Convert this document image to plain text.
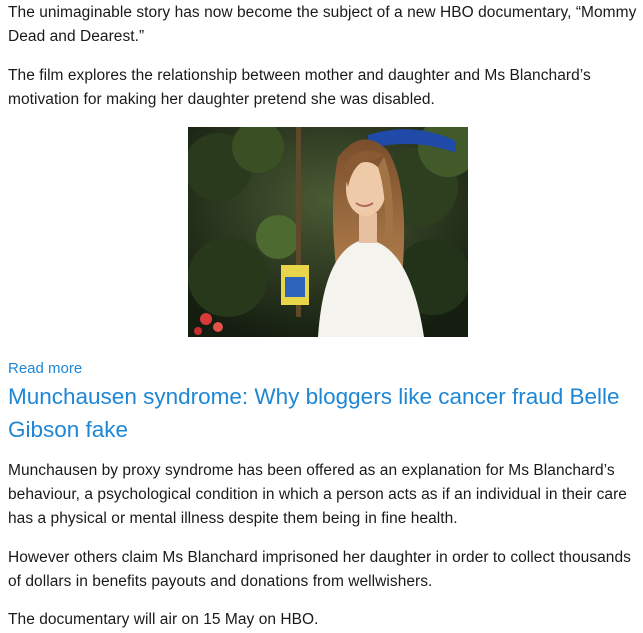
The unimaginable story has now become the subject of a new HBO documentary, “Mommy Dead and Dearest.”

The film explores the relationship between mother and daughter and Ms Blanchard’s motivation for making her daughter pretend she was disabled.

Read more
Munchausen syndrome: Why bloggers like cancer fraud Belle Gibson fake

Munchausen by proxy syndrome has been offered as an explanation for Ms Blanchard’s behaviour, a psychological condition in which a person acts as if an individual in their care has a physical or mental illness despite them being in fine health.

However others claim Ms Blanchard imprisoned her daughter in order to collect thousands of dollars in benefits payouts and donations from wellwishers.

The documentary will air on 15 May on HBO.
